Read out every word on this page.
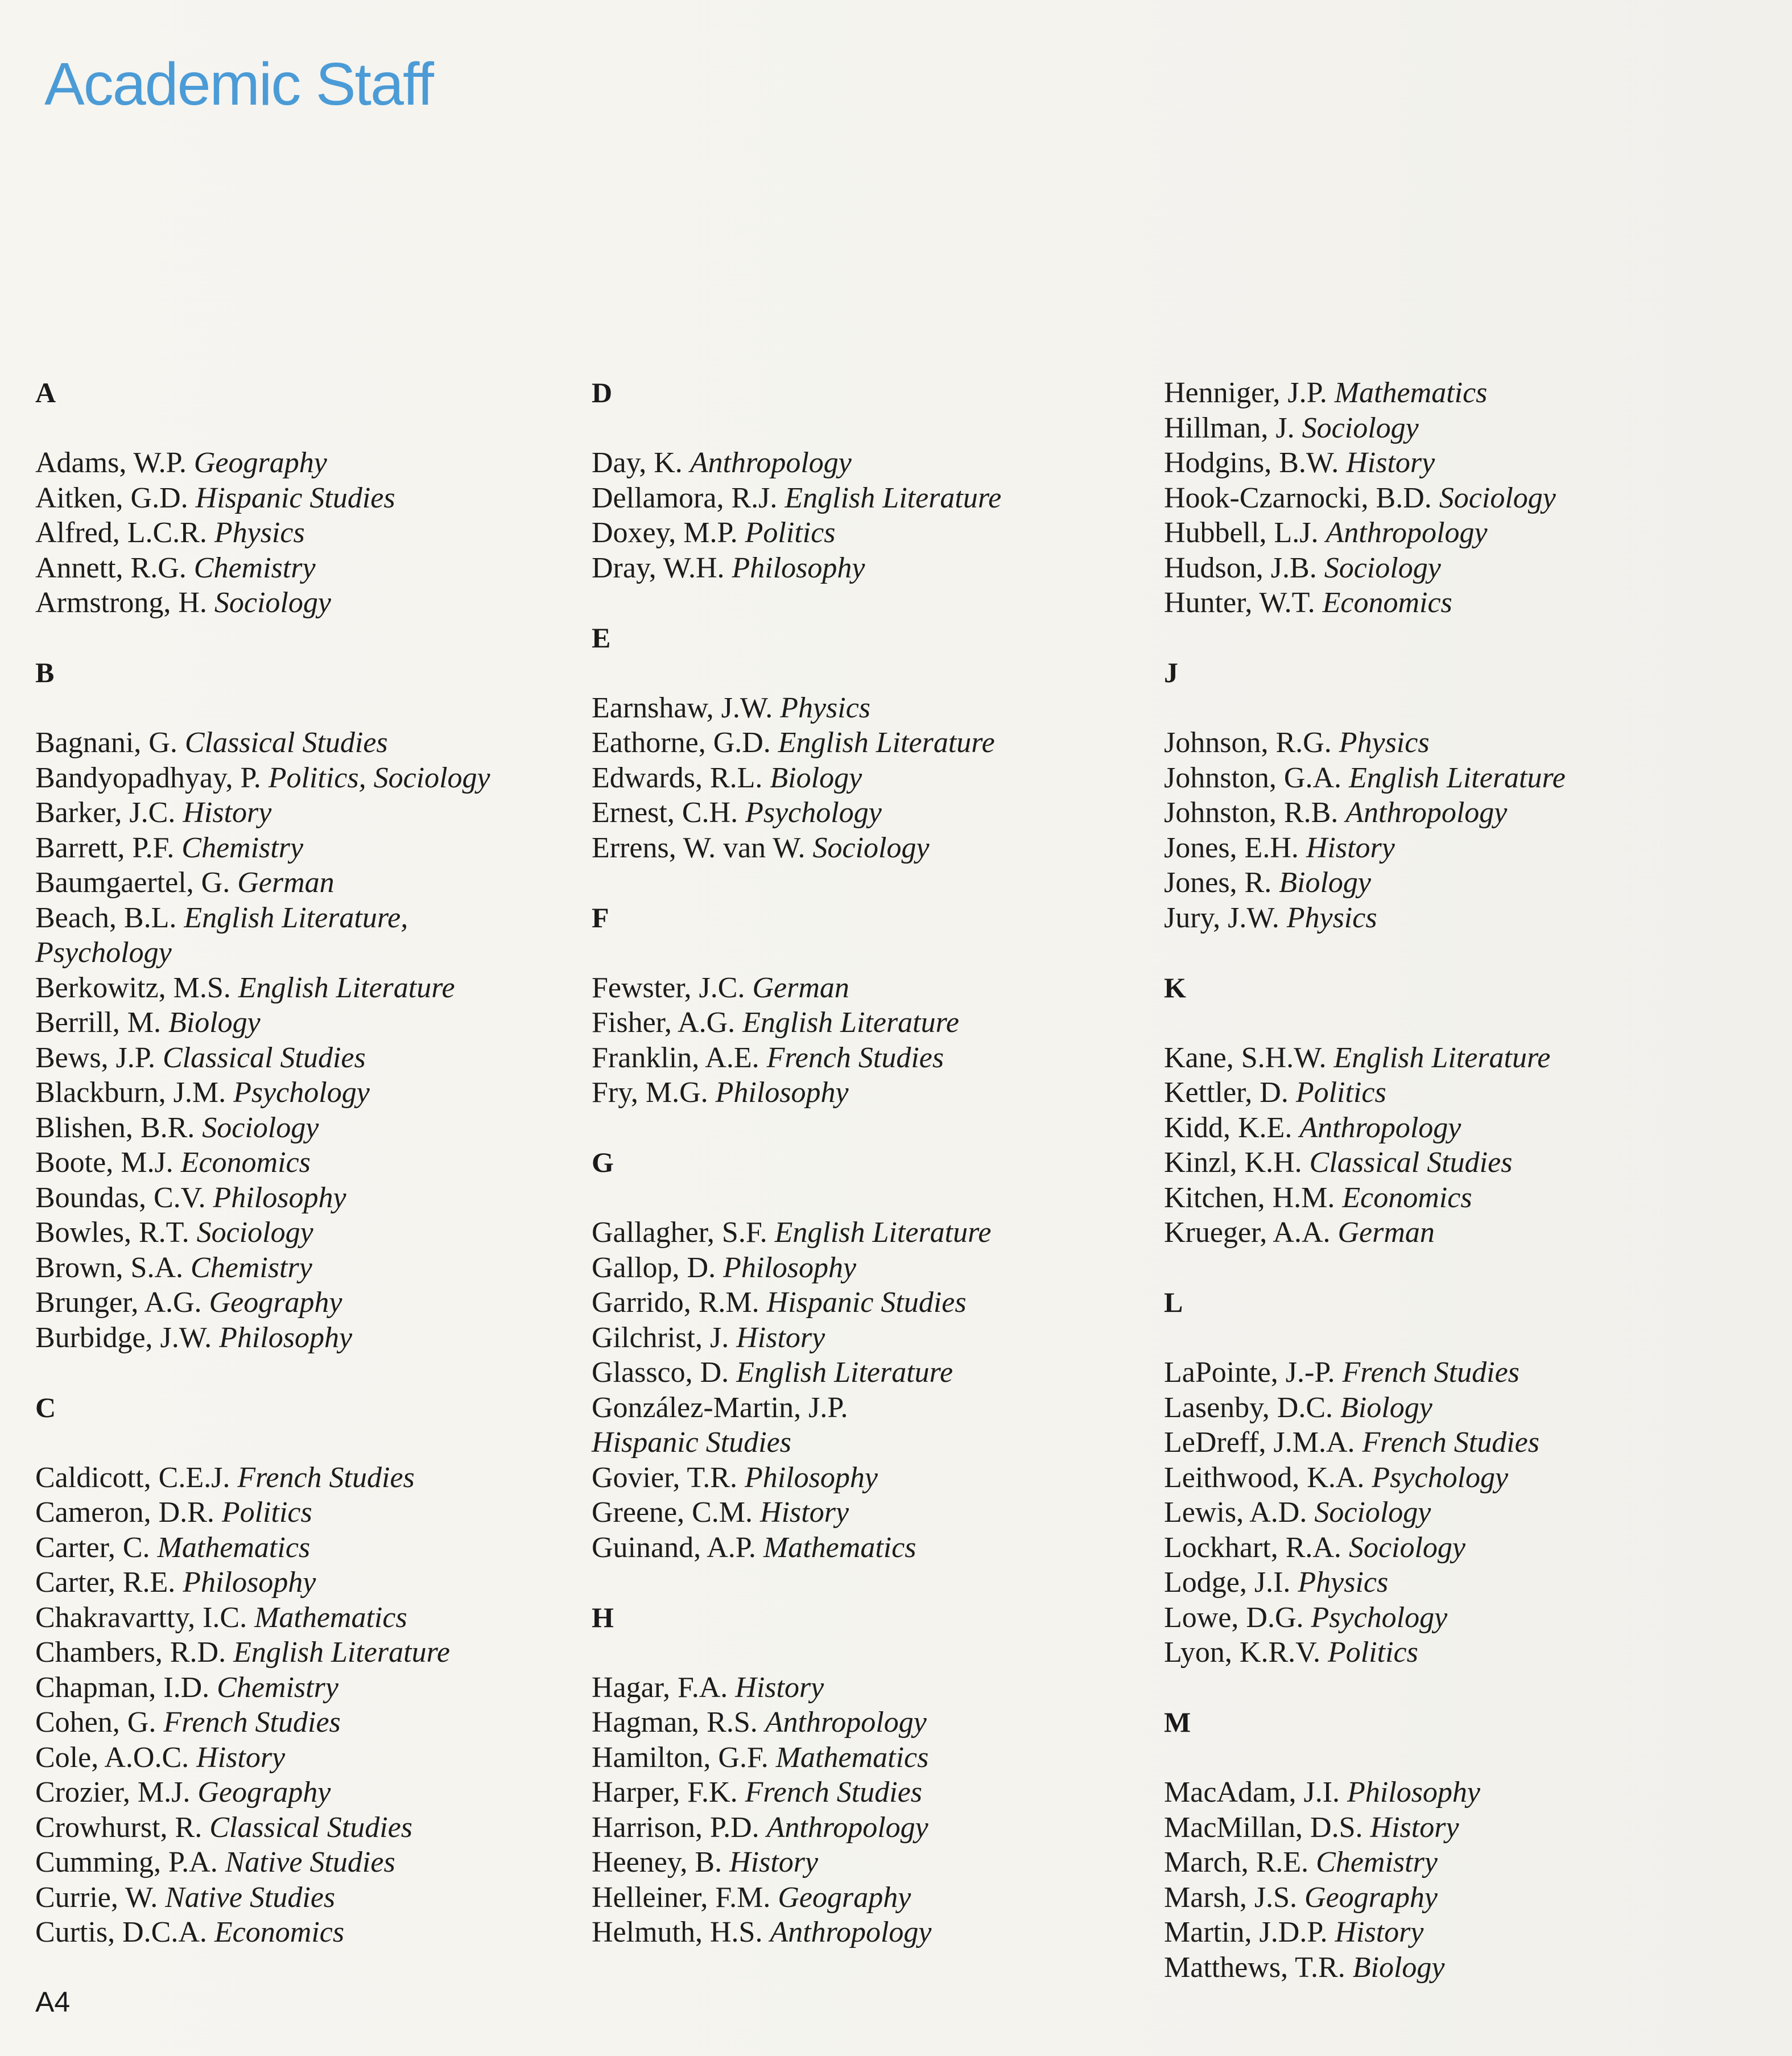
Academic Staff
A
Adams, W.P. Geography
Aitken, G.D. Hispanic Studies
Alfred, L.C.R. Physics
Annett, R.G. Chemistry
Armstrong, H. Sociology
B
Bagnani, G. Classical Studies
Bandyopadhyay, P. Politics, Sociology
Barker, J.C. History
Barrett, P.F. Chemistry
Baumgaertel, G. German
Beach, B.L. English Literature,
Psychology
Berkowitz, M.S. English Literature
Berrill, M. Biology
Bews, J.P. Classical Studies
Blackburn, J.M. Psychology
Blishen, B.R. Sociology
Boote, M.J. Economics
Boundas, C.V. Philosophy
Bowles, R.T. Sociology
Brown, S.A. Chemistry
Brunger, A.G. Geography
Burbidge, J.W. Philosophy
C
Caldicott, C.E.J. French Studies
Cameron, D.R. Politics
Carter, C. Mathematics
Carter, R.E. Philosophy
Chakravartty, I.C. Mathematics
Chambers, R.D. English Literature
Chapman, I.D. Chemistry
Cohen, G. French Studies
Cole, A.O.C. History
Crozier, M.J. Geography
Crowhurst, R. Classical Studies
Cumming, P.A. Native Studies
Currie, W. Native Studies
Curtis, D.C.A. Economics
D
Day, K. Anthropology
Dellamora, R.J. English Literature
Doxey, M.P. Politics
Dray, W.H. Philosophy
E
Earnshaw, J.W. Physics
Eathorne, G.D. English Literature
Edwards, R.L. Biology
Ernest, C.H. Psychology
Errens, W. van W. Sociology
F
Fewster, J.C. German
Fisher, A.G. English Literature
Franklin, A.E. French Studies
Fry, M.G. Philosophy
G
Gallagher, S.F. English Literature
Gallop, D. Philosophy
Garrido, R.M. Hispanic Studies
Gilchrist, J. History
Glassco, D. English Literature
González-Martin, J.P.
Hispanic Studies
Govier, T.R. Philosophy
Greene, C.M. History
Guinand, A.P. Mathematics
H
Hagar, F.A. History
Hagman, R.S. Anthropology
Hamilton, G.F. Mathematics
Harper, F.K. French Studies
Harrison, P.D. Anthropology
Heeney, B. History
Helleiner, F.M. Geography
Helmuth, H.S. Anthropology
Henniger, J.P. Mathematics
Hillman, J. Sociology
Hodgins, B.W. History
Hook-Czarnocki, B.D. Sociology
Hubbell, L.J. Anthropology
Hudson, J.B. Sociology
Hunter, W.T. Economics
J
Johnson, R.G. Physics
Johnston, G.A. English Literature
Johnston, R.B. Anthropology
Jones, E.H. History
Jones, R. Biology
Jury, J.W. Physics
K
Kane, S.H.W. English Literature
Kettler, D. Politics
Kidd, K.E. Anthropology
Kinzl, K.H. Classical Studies
Kitchen, H.M. Economics
Krueger, A.A. German
L
LaPointe, J.-P. French Studies
Lasenby, D.C. Biology
LeDreff, J.M.A. French Studies
Leithwood, K.A. Psychology
Lewis, A.D. Sociology
Lockhart, R.A. Sociology
Lodge, J.I. Physics
Lowe, D.G. Psychology
Lyon, K.R.V. Politics
M
MacAdam, J.I. Philosophy
MacMillan, D.S. History
March, R.E. Chemistry
Marsh, J.S. Geography
Martin, J.D.P. History
Matthews, T.R. Biology

A4
